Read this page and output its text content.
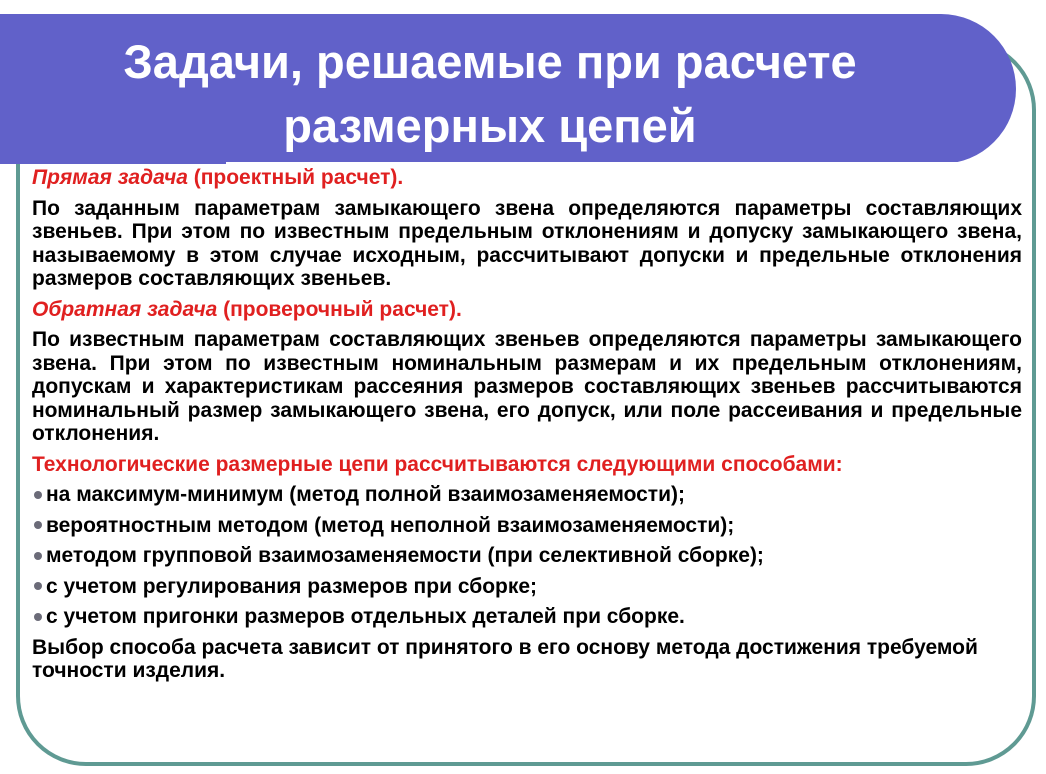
Задачи, решаемые при расчете
размерных цепей

Прямая задача (проектный расчет).

По заданным параметрам замыкающего звена определяются параметры составляющих звеньев. При этом по известным предельным отклонениям и допуску замыкающего звена, называемому в этом случае исходным, рассчитывают допуски и предельные отклонения размеров составляющих звеньев.

Обратная задача (проверочный расчет).

По известным параметрам составляющих звеньев определяются параметры замыкающего звена. При этом по известным номинальным размерам и их предельным отклонениям, допускам и характеристикам рассеяния размеров составляющих звеньев рассчитываются номинальный размер замыкающего звена, его допуск, или поле рассеивания и предельные отклонения.

Технологические размерные цепи рассчитываются следующими способами:

на максимум-минимум (метод полной взаимозаменяемости);

вероятностным методом (метод неполной взаимозаменяемости);

методом групповой взаимозаменяемости (при селективной сборке);

с учетом регулирования размеров при сборке;

с учетом пригонки размеров отдельных деталей при сборке.

Выбор способа расчета зависит от принятого в его основу метода достижения требуемой точности изделия.
